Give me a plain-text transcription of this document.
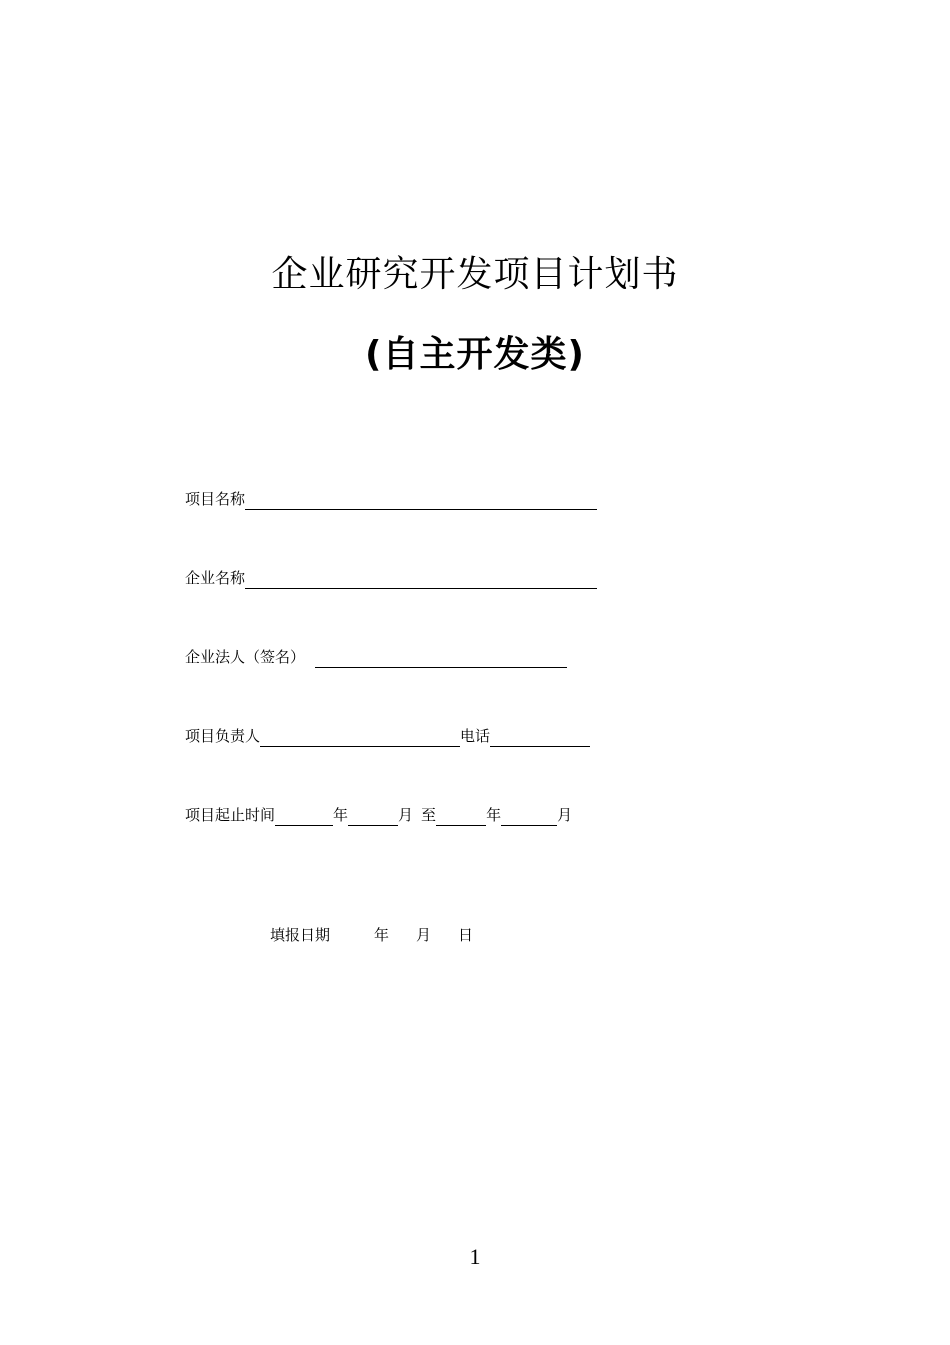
企业研究开发项目计划书
(自主开发类)
项目名称
企业名称
企业法人（签名）
项目负责人	电话
项目起止时间	年	月 至	年	月
填报日期	年 月 日
1
